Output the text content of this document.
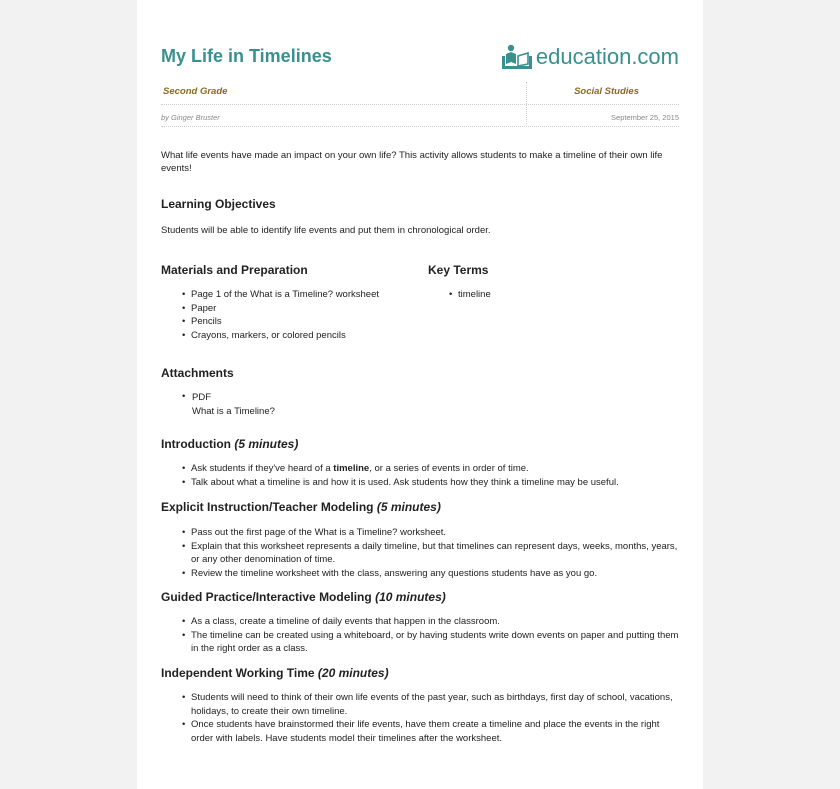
My Life in Timelines	education.com
Second Grade	Social Studies
by Ginger Bruster	September 25, 2015
What life events have made an impact on your own life? This activity allows students to make a timeline of their own life events!
Learning Objectives
Students will be able to identify life events and put them in chronological order.
Materials and Preparation
• Page 1 of the What is a Timeline? worksheet
• Paper
• Pencils
• Crayons, markers, or colored pencils
Key Terms
• timeline
Attachments
• PDF
What is a Timeline?
Introduction (5 minutes)
• Ask students if they've heard of a timeline, or a series of events in order of time.
• Talk about what a timeline is and how it is used. Ask students how they think a timeline may be useful.
Explicit Instruction/Teacher Modeling (5 minutes)
• Pass out the first page of the What is a Timeline? worksheet.
• Explain that this worksheet represents a daily timeline, but that timelines can represent days, weeks, months, years, or any other denomination of time.
• Review the timeline worksheet with the class, answering any questions students have as you go.
Guided Practice/Interactive Modeling (10 minutes)
• As a class, create a timeline of daily events that happen in the classroom.
• The timeline can be created using a whiteboard, or by having students write down events on paper and putting them in the right order as a class.
Independent Working Time (20 minutes)
• Students will need to think of their own life events of the past year, such as birthdays, first day of school, vacations, holidays, to create their own timeline.
• Once students have brainstormed their life events, have them create a timeline and place the events in the right order with labels. Have students model their timelines after the worksheet.
